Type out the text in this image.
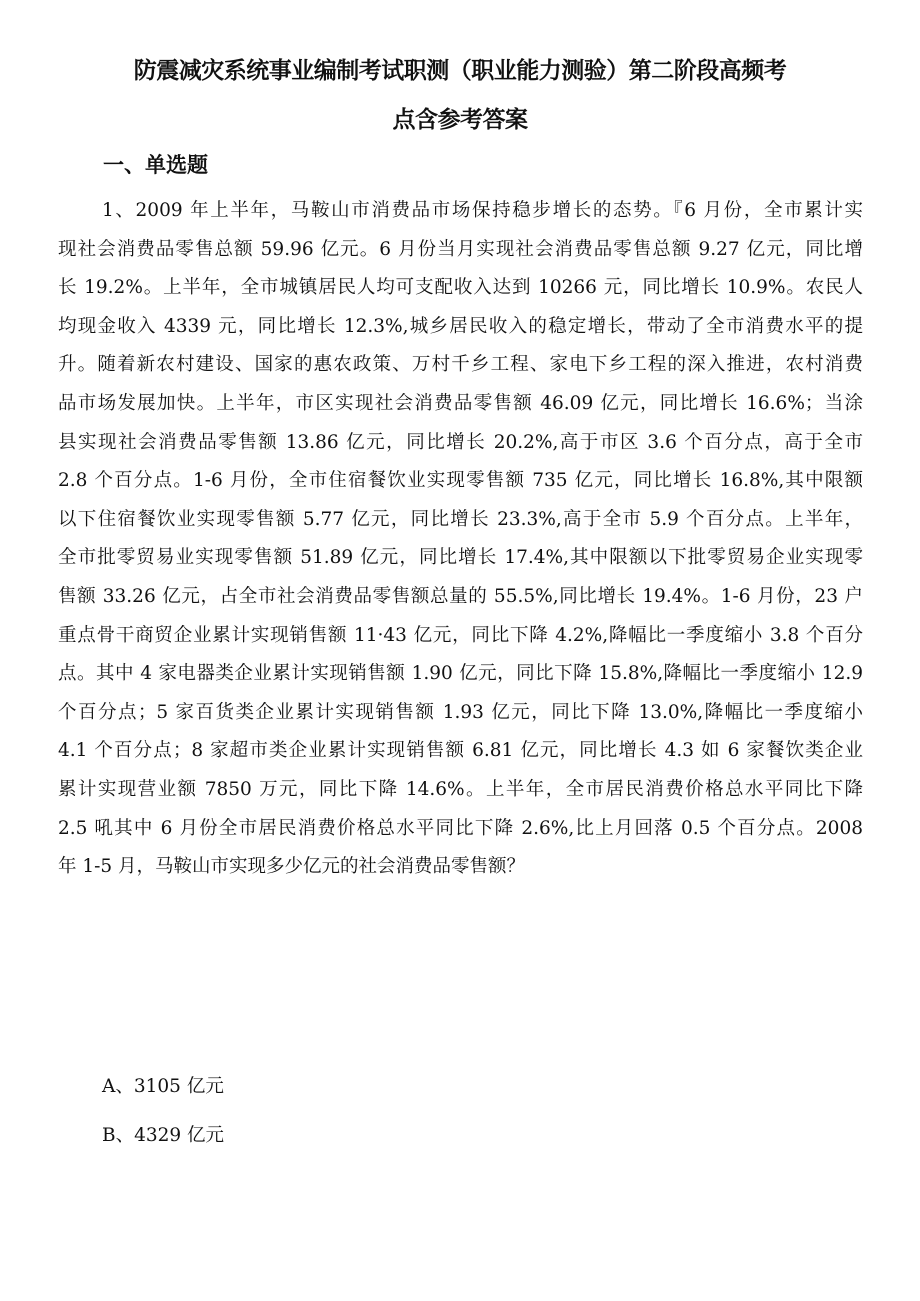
防震减灾系统事业编制考试职测（职业能力测验）第二阶段高频考
点含参考答案
一、单选题
1、2009 年上半年，马鞍山市消费品市场保持稳步增长的态势。『6 月份，全市累计实
现社会消费品零售总额 59.96 亿元。6 月份当月实现社会消费品零售总额 9.27 亿元，同比增
长 19.2%。上半年，全市城镇居民人均可支配收入达到 10266 元，同比增长 10.9%。农民人
均现金收入 4339 元，同比增长 12.3%,城乡居民收入的稳定增长，带动了全市消费水平的提
升。随着新农村建设、国家的惠农政策、万村千乡工程、家电下乡工程的深入推进，农村消费
品市场发展加快。上半年，市区实现社会消费品零售额 46.09 亿元，同比增长 16.6%；当涂
县实现社会消费品零售额 13.86 亿元，同比增长 20.2%,高于市区 3.6 个百分点，高于全市
2.8 个百分点。1-6 月份，全市住宿餐饮业实现零售额 735 亿元，同比增长 16.8%,其中限额
以下住宿餐饮业实现零售额 5.77 亿元，同比增长 23.3%,高于全市 5.9 个百分点。上半年，
全市批零贸易业实现零售额 51.89 亿元，同比增长 17.4%,其中限额以下批零贸易企业实现零
售额 33.26 亿元，占全市社会消费品零售额总量的 55.5%,同比增长 19.4%。1-6 月份，23 户
重点骨干商贸企业累计实现销售额 11·43 亿元，同比下降 4.2%,降幅比一季度缩小 3.8 个百分
点。其中 4 家电器类企业累计实现销售额 1.90 亿元，同比下降 15.8%,降幅比一季度缩小 12.9
个百分点；5 家百货类企业累计实现销售额 1.93 亿元，同比下降 13.0%,降幅比一季度缩小
4.1 个百分点；8 家超市类企业累计实现销售额 6.81 亿元，同比增长 4.3 如 6 家餐饮类企业
累计实现营业额 7850 万元，同比下降 14.6%。上半年，全市居民消费价格总水平同比下降
2.5 吼其中 6 月份全市居民消费价格总水平同比下降 2.6%,比上月回落 0.5 个百分点。2008
年 1-5 月，马鞍山市实现多少亿元的社会消费品零售额？

A、3105 亿元

B、4329 亿元
